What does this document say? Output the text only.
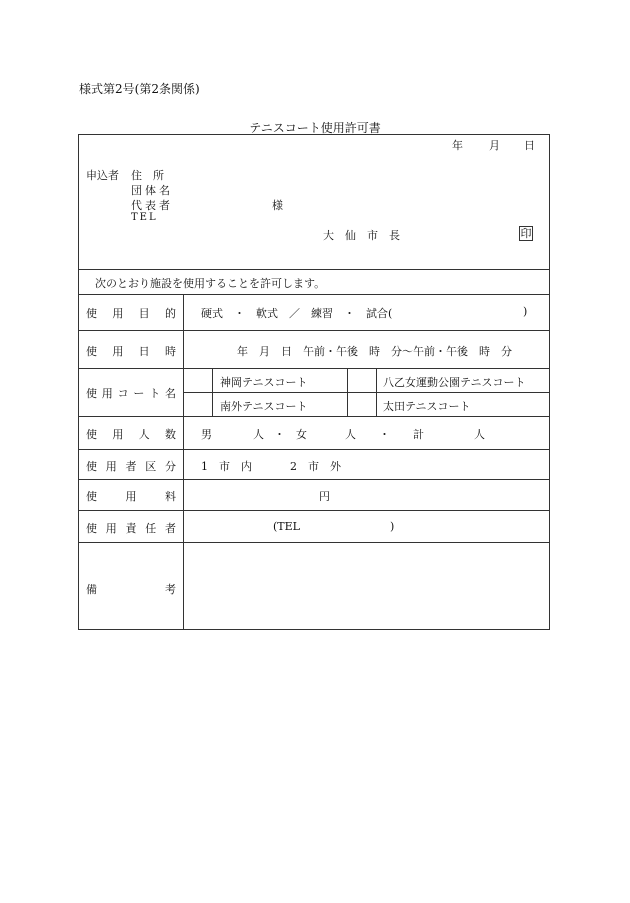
様式第2号(第2条関係)
テニスコート使用許可書
年 月 日
申込者 住　所
団体名
代表者	様
TEL
大　仙　市　長	印
次のとおり施設を使用することを許可します。
使 用 目 的 硬式　・　軟式　／　練習　・　試合(	)
使 用 日 時	年　月　日　午前・午後　時　分〜午前・午後　時　分
使 用 コ ー ト 名
神岡テニスコート	八乙女運動公園テニスコート
南外テニスコート	太田テニスコート
使 用 人 数 男	人 ・ 女	人 ・ 計	人
使 用 者 区 分 1　市　内	2　市　外
使	用	料	円
使 用 責 任 者	(TEL	)
備	考
